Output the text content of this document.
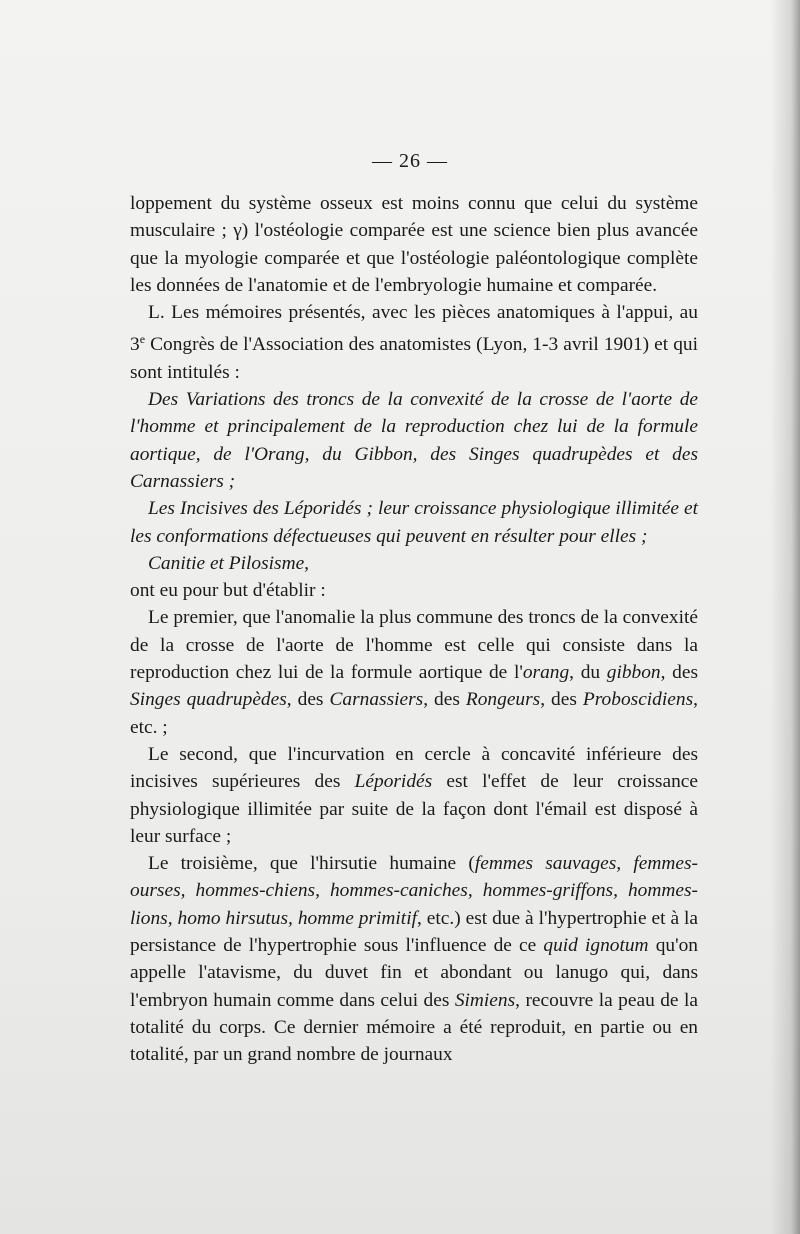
— 26 —

loppement du système osseux est moins connu que celui du système musculaire ; γ) l'ostéologie comparée est une science bien plus avancée que la myologie comparée et que l'ostéologie paléontologique complète les données de l'anatomie et de l'embryologie humaine et comparée.

L. Les mémoires présentés, avec les pièces anatomiques à l'appui, au 3e Congrès de l'Association des anatomistes (Lyon, 1-3 avril 1901) et qui sont intitulés :

Des Variations des troncs de la convexité de la crosse de l'aorte de l'homme et principalement de la reproduction chez lui de la formule aortique, de l'Orang, du Gibbon, des Singes quadrupèdes et des Carnassiers ;

Les Incisives des Léporidés ; leur croissance physiologique illimitée et les conformations défectueuses qui peuvent en résulter pour elles ;

Canitie et Pilosisme,

ont eu pour but d'établir :

Le premier, que l'anomalie la plus commune des troncs de la convexité de la crosse de l'aorte de l'homme est celle qui consiste dans la reproduction chez lui de la formule aortique de l'orang, du gibbon, des Singes quadrupèdes, des Carnassiers, des Rongeurs, des Proboscidiens, etc. ;

Le second, que l'incurvation en cercle à concavité inférieure des incisives supérieures des Léporidés est l'effet de leur croissance physiologique illimitée par suite de la façon dont l'émail est disposé à leur surface ;

Le troisième, que l'hirsutie humaine (femmes sauvages, femmes-ourses, hommes-chiens, hommes-caniches, hommes-griffons, hommes-lions, homo hirsutus, homme primitif, etc.) est due à l'hypertrophie et à la persistance de l'hypertrophie sous l'influence de ce quid ignotum qu'on appelle l'atavisme, du duvet fin et abondant ou lanugo qui, dans l'embryon humain comme dans celui des Simiens, recouvre la peau de la totalité du corps. Ce dernier mémoire a été reproduit, en partie ou en totalité, par un grand nombre de journaux
